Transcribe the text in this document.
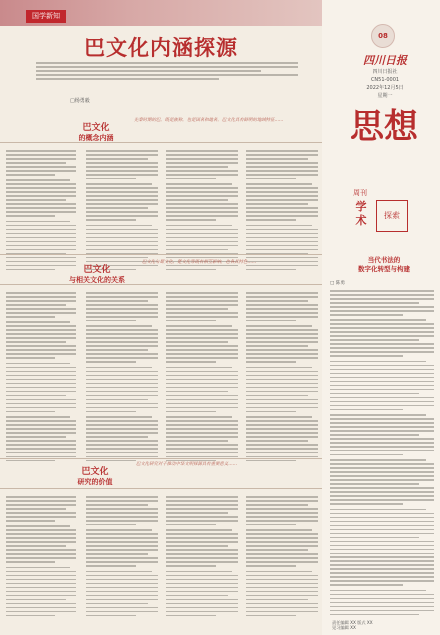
国学新知
巴文化内涵探源
□杨勇毅
巴文化
的概念内涵
先秦时期的巴，既是族称，也是国名和地名，巴文化具有鲜明的地域特征……
巴文化
与相关文化的关系
巴文化与蜀文化、楚文化等既有相互影响，也各具特色……
巴文化
研究的价值
巴文化研究对于推动中华文明探源具有重要意义……
08
四川日报
四川日报社
CN51-0001
2022年12月5日
星期一
思想
周刊
学
术	探索
当代书法的
数字化转型与构建
□ 陈勇
责任编辑 XX 版式 XX
见习编辑 XX
